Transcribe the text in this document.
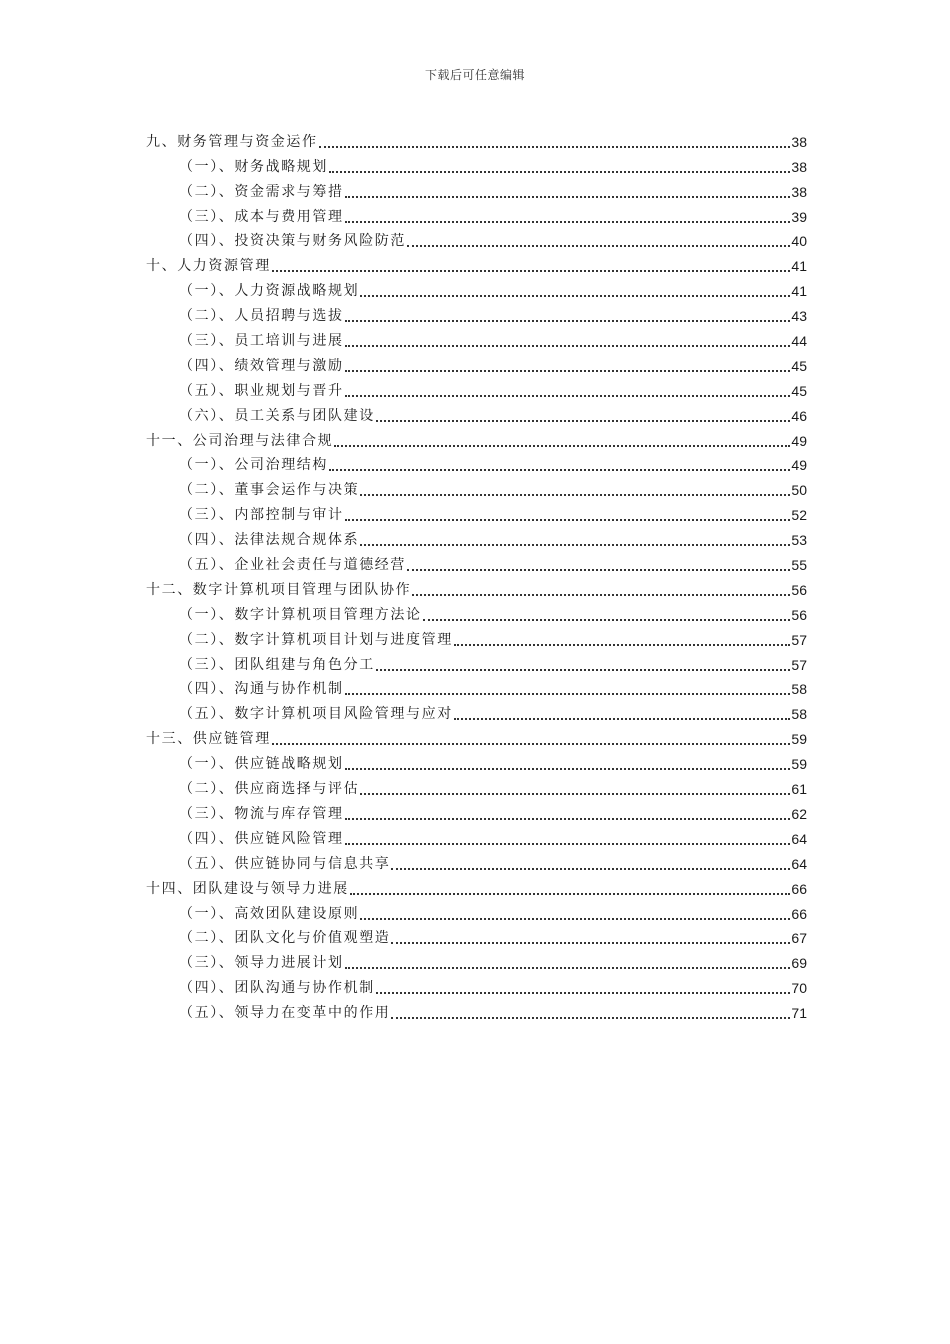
下载后可任意编辑
九、财务管理与资金运作	38
（一）、财务战略规划	38
（二）、资金需求与筹措	38
（三）、成本与费用管理	39
（四）、投资决策与财务风险防范	40
十、人力资源管理	41
（一）、人力资源战略规划	41
（二）、人员招聘与选拔	43
（三）、员工培训与进展	44
（四）、绩效管理与激励	45
（五）、职业规划与晋升	45
（六）、员工关系与团队建设	46
十一、公司治理与法律合规	49
（一）、公司治理结构	49
（二）、董事会运作与决策	50
（三）、内部控制与审计	52
（四）、法律法规合规体系	53
（五）、企业社会责任与道德经营	55
十二、数字计算机项目管理与团队协作	56
（一）、数字计算机项目管理方法论	56
（二）、数字计算机项目计划与进度管理	57
（三）、团队组建与角色分工	57
（四）、沟通与协作机制	58
（五）、数字计算机项目风险管理与应对	58
十三、供应链管理	59
（一）、供应链战略规划	59
（二）、供应商选择与评估	61
（三）、物流与库存管理	62
（四）、供应链风险管理	64
（五）、供应链协同与信息共享	64
十四、团队建设与领导力进展	66
（一）、高效团队建设原则	66
（二）、团队文化与价值观塑造	67
（三）、领导力进展计划	69
（四）、团队沟通与协作机制	70
（五）、领导力在变革中的作用	71
